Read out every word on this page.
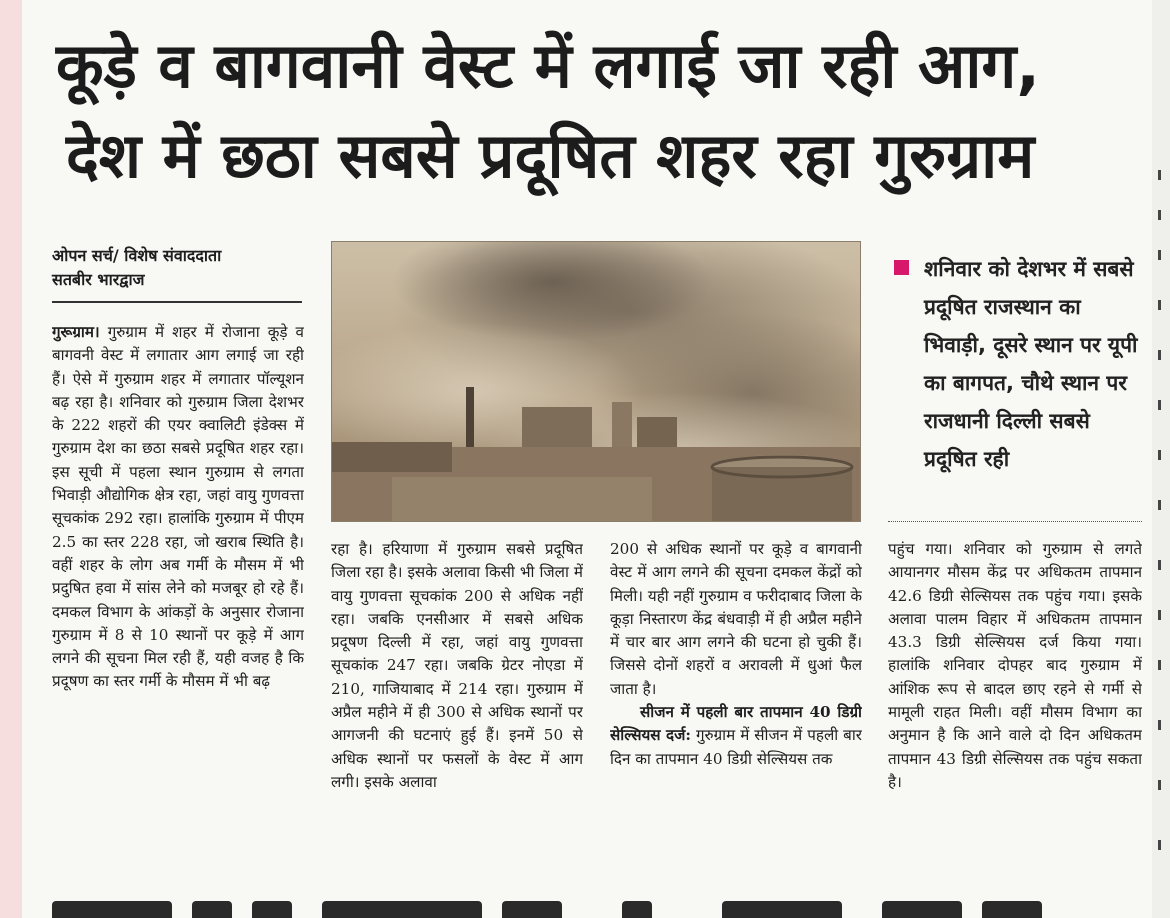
कूड़े व बागवानी वेस्ट में लगाई जा रही आग,
देश में छठा सबसे प्रदूषित शहर रहा गुरुग्राम
ओपन सर्च/ विशेष संवाददाता
सतबीर भारद्वाज
गुरूग्राम। गुरुग्राम में शहर में रोजाना कूड़े व बागवनी वेस्ट में लगातार आग लगाई जा रही हैं। ऐसे में गुरुग्राम शहर में लगातार पॉल्यूशन बढ़ रहा है। शनिवार को गुरुग्राम जिला देशभर के 222 शहरों की एयर क्वालिटी इंडेक्स में गुरुग्राम देश का छठा सबसे प्रदूषित शहर रहा। इस सूची में पहला स्थान गुरुग्राम से लगता भिवाड़ी औद्योगिक क्षेत्र रहा, जहां वायु गुणवत्ता सूचकांक 292 रहा। हालांकि गुरुग्राम में पीएम 2.5 का स्तर 228 रहा, जो खराब स्थिति है। वहीं शहर के लोग अब गर्मी के मौसम में भी प्रदुषित हवा में सांस लेने को मजबूर हो रहे हैं। दमकल विभाग के आंकड़ों के अनुसार रोजाना गुरुग्राम में 8 से 10 स्थानों पर कूड़े में आग लगने की सूचना मिल रही हैं, यही वजह है कि प्रदूषण का स्तर गर्मी के मौसम में भी बढ़
रहा है। हरियाणा में गुरुग्राम सबसे प्रदूषित जिला रहा है। इसके अलावा किसी भी जिला में वायु गुणवत्ता सूचकांक 200 से अधिक नहीं रहा। जबकि एनसीआर में सबसे अधिक प्रदूषण दिल्ली में रहा, जहां वायु गुणवत्ता सूचकांक 247 रहा। जबकि ग्रेटर नोएडा में 210, गाजियाबाद में 214 रहा। गुरुग्राम में अप्रैल महीने में ही 300 से अधिक स्थानों पर आगजनी की घटनाएं हुई हैं। इनमें 50 से अधिक स्थानों पर फसलों के वेस्ट में आग लगी। इसके अलावा
200 से अधिक स्थानों पर कूड़े व बागवानी वेस्ट में आग लगने की सूचना दमकल केंद्रों को मिली। यही नहीं गुरुग्राम व फरीदाबाद जिला के कूड़ा निस्तारण केंद्र बंधवाड़ी में ही अप्रैल महीने में चार बार आग लगने की घटना हो चुकी हैं। जिससे दोनों शहरों व अरावली में धुआं फैल जाता है।
सीजन में पहली बार तापमान 40 डिग्री सेल्सियस दर्ज: गुरुग्राम में सीजन में पहली बार दिन का तापमान 40 डिग्री सेल्सियस तक
शनिवार को देशभर में सबसे प्रदूषित राजस्थान का भिवाड़ी, दूसरे स्थान पर यूपी का बागपत, चौथे स्थान पर राजधानी दिल्ली सबसे प्रदूषित रही
पहुंच गया। शनिवार को गुरुग्राम से लगते आयानगर मौसम केंद्र पर अधिकतम तापमान 42.6 डिग्री सेल्सियस तक पहुंच गया। इसके अलावा पालम विहार में अधिकतम तापमान 43.3 डिग्री सेल्सियस दर्ज किया गया। हालांकि शनिवार दोपहर बाद गुरुग्राम में आंशिक रूप से बादल छाए रहने से गर्मी से मामूली राहत मिली। वहीं मौसम विभाग का अनुमान है कि आने वाले दो दिन अधिकतम तापमान 43 डिग्री सेल्सियस तक पहुंच सकता है।
